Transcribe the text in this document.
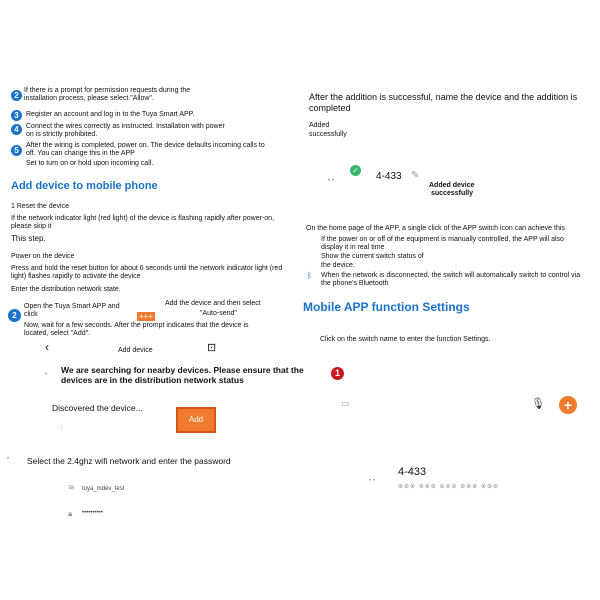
2
If there is a prompt for permission requests during the installation process, please select "Allow".
3	Register an account and log in to the Tuya Smart APP.
4	Connect the wires correctly as instructed. Installation with power on is strictly prohibited.
5
After the wiring is completed, power on. The device defaults incoming calls to off. You can change this in the APP
Set to turn on or hold upon incoming call.
Add device to mobile phone
1 Reset the device
If the network indicator light (red light) of the device is flashing rapidly after power-on, please skip it
This step.
Power on the device
Press and hold the reset button for about 6 seconds until the network indicator light (red light) flashes rapidly to activate the device
Enter the distribution network state.
2
Open the Tuya Smart APP and click	+++
Add the device and then select
"Auto-send"
Now, wait for a few seconds. After the prompt indicates that the device is located, select "Add".
‹	Add device	⊡
• We are searching for nearby devices. Please ensure that the devices are in the distribution network status
Discovered the device...
Add
·:
• Select the 2.4ghz wifi network and enter the password
≋ tuya_mdev_test
🔒︎ ••••••••••
After the addition is successful, name the device and the addition is completed
Added
successfully
• •
✓
4-433 ✎
Added device
successfully
On the home page of the APP, a single click of the APP switch icon can achieve this
If the power on or off of the equipment is manually controlled, the APP will also display it in real time
Show the current switch status of
the device.
ᛒ When the network is disconnected, the switch will automatically switch to control via the phone's Bluetooth
Mobile APP function Settings
Click on the switch name to enter the function Settings.
1
▭	🎙︎	+
• •
4-433
⊕⊕⊕ ⊕⊕⊕ ⊕⊕⊕ ⊕⊕⊕ ⊕⊕⊕
